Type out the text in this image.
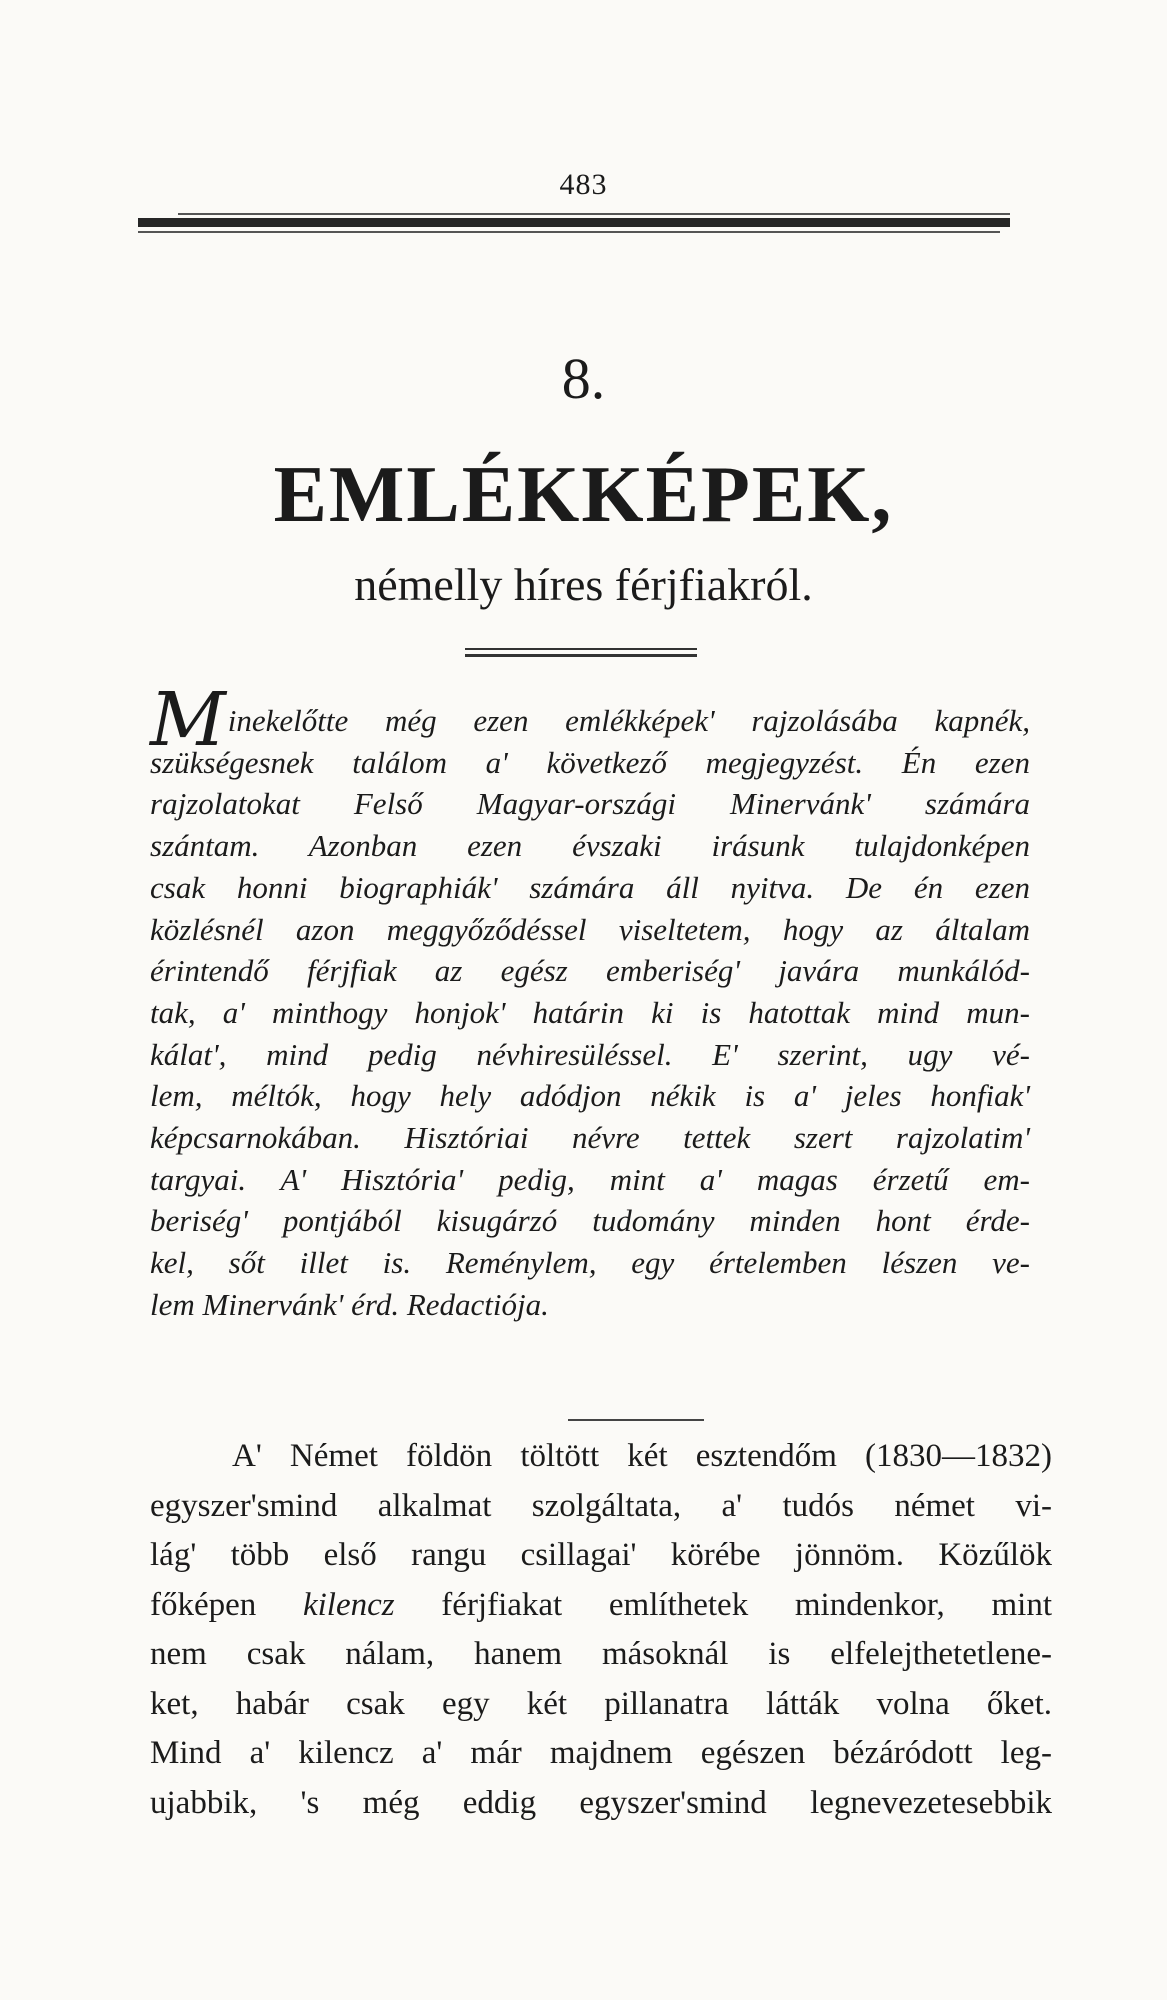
483
8.
EMLÉKKÉPEK,
némelly híres férjfiakról.
Minekelőtte még ezen emlékképek' rajzolásába kapnék,
szükségesnek találom a' következő megjegyzést. Én ezen
rajzolatokat Felső Magyar-országi Minervánk' számára
szántam. Azonban ezen évszaki irásunk tulajdonképen
csak honni biographiák' számára áll nyitva. De én ezen
közlésnél azon meggyőződéssel viseltetem, hogy az általam
érintendő férjfiak az egész emberiség' javára munkálód-
tak, a' minthogy honjok' határin ki is hatottak mind mun-
kálat', mind pedig névhiresüléssel. E' szerint, ugy vé-
lem, méltók, hogy hely adódjon nékik is a' jeles honfiak'
képcsarnokában. Hisztóriai névre tettek szert rajzolatim'
targyai. A' Hisztória' pedig, mint a' magas érzetű em-
beriség' pontjából kisugárzó tudomány minden hont érde-
kel, sőt illet is. Reménylem, egy értelemben lészen ve-
lem Minervánk' érd. Redactiója.
A' Német földön töltött két esztendőm (1830—1832)
egyszer'smind alkalmat szolgáltata, a' tudós német vi-
lág' több első rangu csillagai' körébe jönnöm. Közűlök
főképen kilencz férjfiakat említhetek mindenkor, mint
nem csak nálam, hanem másoknál is elfelejthetetlene-
ket, habár csak egy két pillanatra látták volna őket.
Mind a' kilencz a' már majdnem egészen bézáródott leg-
ujabbik, 's még eddig egyszer'smind legnevezetesebbik
